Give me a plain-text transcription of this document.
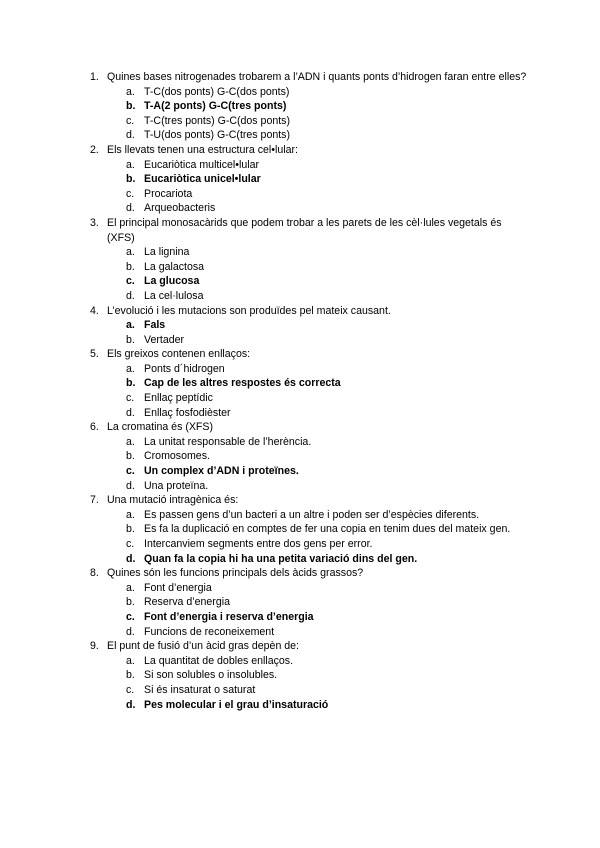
1. Quines bases nitrogenades trobarem a l’ADN i quants ponts d’hidrogen faran entre elles?
a. T-C(dos ponts) G-C(dos ponts)
b. T-A(2 ponts) G-C(tres ponts)
c. T-C(tres ponts) G-C(dos ponts)
d. T-U(dos ponts) G-C(tres ponts)
2. Els llevats tenen una estructura cel•lular:
a. Eucariòtica multicel•lular
b. Eucariòtica unicel•lular
c. Procariota
d. Arqueobacteris
3. El principal monosacàrids que podem trobar a les parets de les cèl·lules vegetals és (XFS)
a. La lignina
b. La galactosa
c. La glucosa
d. La cel·lulosa
4. L’evolució i les mutacions son produïdes pel mateix causant.
a. Fals
b. Vertader
5. Els greixos contenen enllaços:
a. Ponts d´hidrogen
b. Cap de les altres respostes és correcta
c. Enllaç peptídic
d. Enllaç fosfodièster
6. La cromatina és (XFS)
a. La unitat responsable de l’herència.
b. Cromosomes.
c. Un complex d’ADN i proteïnes.
d. Una proteïna.
7. Una mutació intragènica és:
a. Es passen gens d’un bacteri a un altre i poden ser d’espècies diferents.
b. Es fa la duplicació en comptes de fer una copia en tenim dues del mateix gen.
c. Intercanviem segments entre dos gens per error.
d. Quan fa la copia hi ha una petita variació dins del gen.
8. Quines són les funcions principals dels àcids grassos?
a. Font d’energia
b. Reserva d’energia
c. Font d’energia i reserva d’energia
d. Funcions de reconeixement
9. El punt de fusió d’un àcid gras depèn de:
a. La quantitat de dobles enllaços.
b. Si son solubles o insolubles.
c. Si és insaturat o saturat
d. Pes molecular i el grau d’insaturació
